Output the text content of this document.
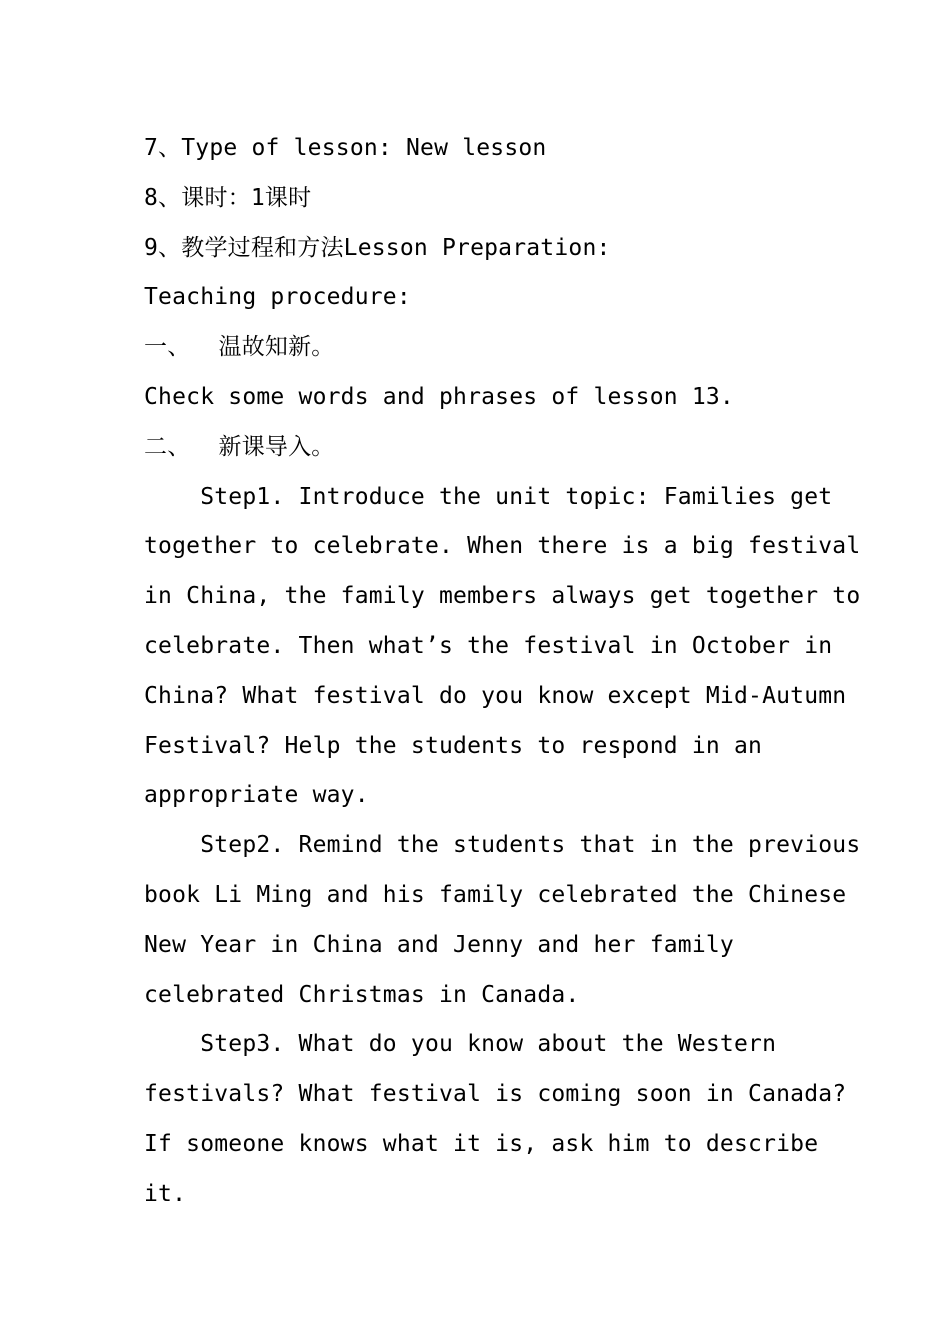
7、Type of lesson: New lesson
8、课时：1课时
9、教学过程和方法Lesson Preparation:
Teaching procedure:
一、  温故知新。
Check some words and phrases of lesson 13.
二、  新课导入。
Step1. Introduce the unit topic: Families get
together to celebrate. When there is a big festival
in China, the family members always get together to
celebrate. Then what’s the festival in October in
China? What festival do you know except Mid-Autumn
Festival? Help the students to respond in an
appropriate way.
Step2. Remind the students that in the previous
book Li Ming and his family celebrated the Chinese
New Year in China and Jenny and her family
celebrated Christmas in Canada.
Step3. What do you know about the Western
festivals? What festival is coming soon in Canada?
If someone knows what it is, ask him to describe
it.
